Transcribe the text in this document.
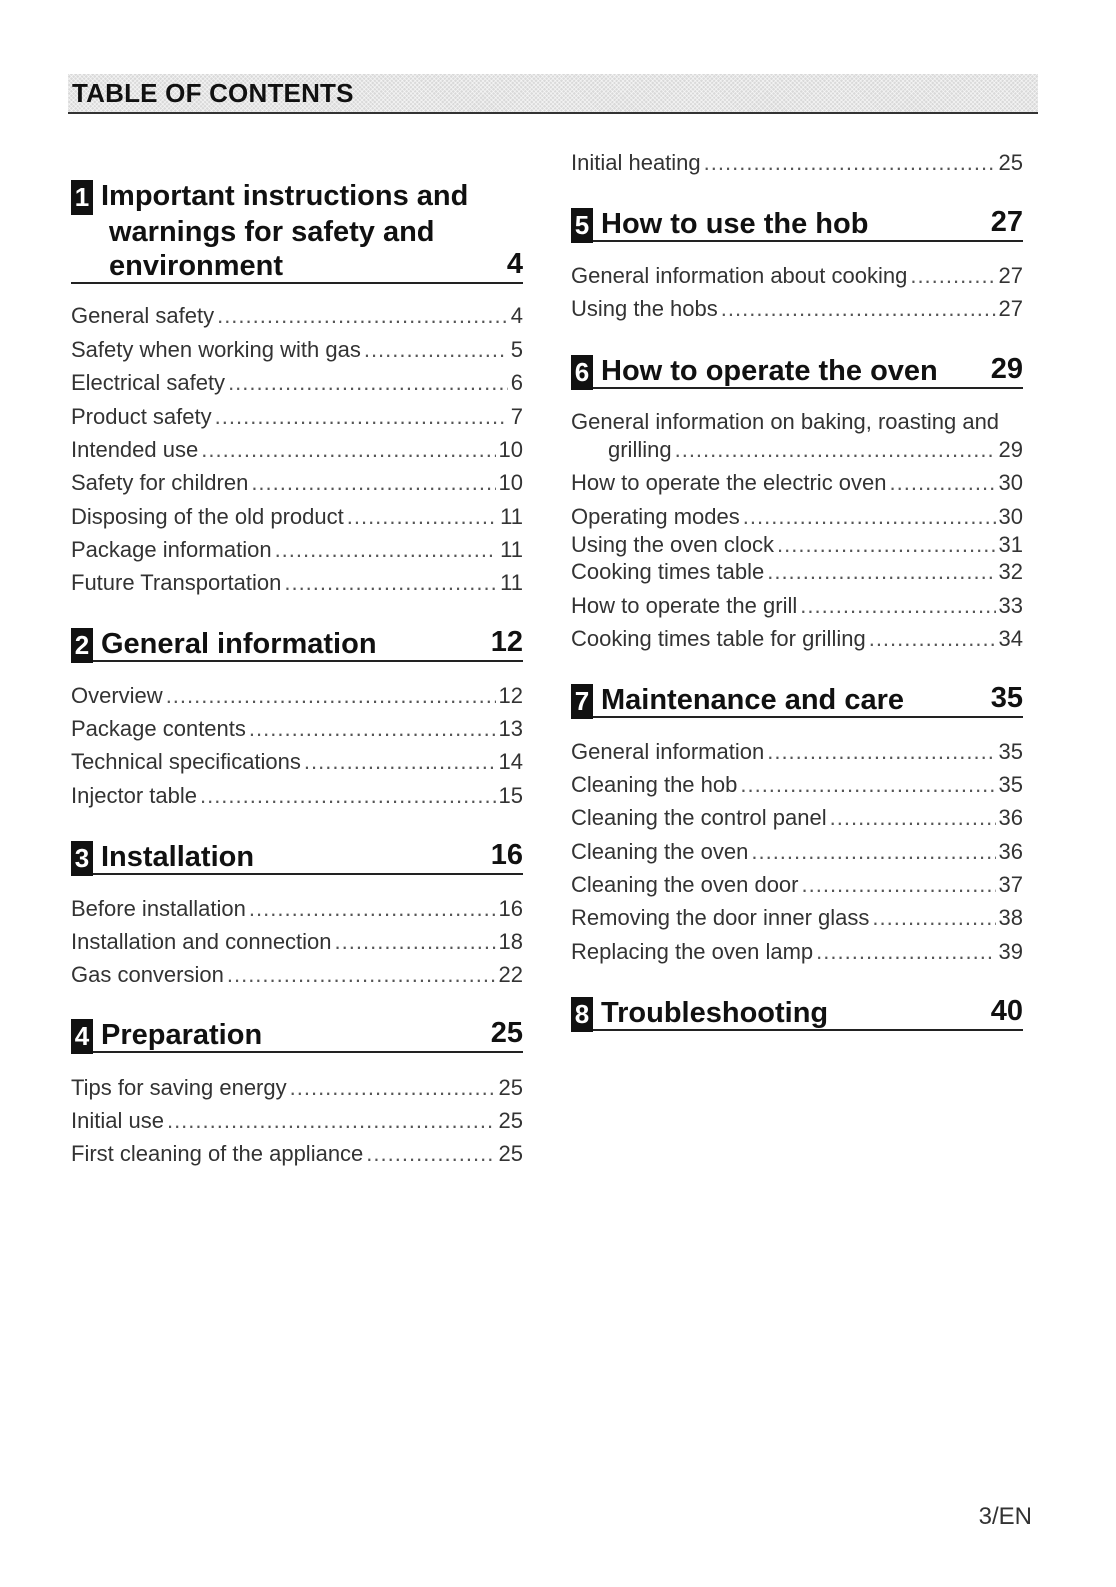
TABLE OF CONTENTS
1 Important instructions and
warnings for safety and
environment	4
General safety .....	4
Safety when working with gas .....	5
Electrical safety .....	6
Product safety .....	7
Intended use .....	10
Safety for children .....	10
Disposing of the old product .....	11
Package information .....	11
Future Transportation .....	11
2 General information	12
Overview .....	12
Package contents .....	13
Technical specifications .....	14
Injector table .....	15
3 Installation	16
Before installation .....	16
Installation and connection .....	18
Gas conversion .....	22
4 Preparation	25
Tips for saving energy .....	25
Initial use .....	25
First cleaning of the appliance .....	25
Initial heating .....	25
5 How to use the hob	27
General information about cooking .....	27
Using the hobs .....	27
6 How to operate the oven 29
General information on baking, roasting and
grilling .....	29
How to operate the electric oven .....	30
Operating modes .....	30
Using the oven clock .....	31
Cooking times table .....	32
How to operate the grill .....	33
Cooking times table for grilling .....	34
7 Maintenance and care	35
General information .....	35
Cleaning the hob .....	35
Cleaning the control panel .....	36
Cleaning the oven .....	36
Cleaning the oven door .....	37
Removing the door inner glass .....	38
Replacing the oven lamp .....	39
8 Troubleshooting	40
3/EN
